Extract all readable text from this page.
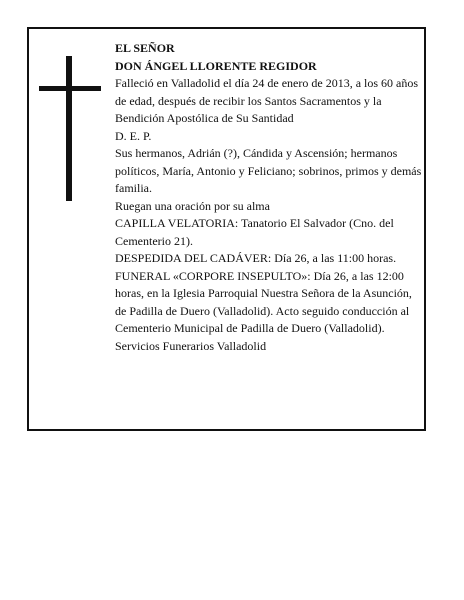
EL SEÑOR

DON ÁNGEL LLORENTE REGIDOR

Falleció en Valladolid el día 24 de enero de 2013, a los 60 años de edad, después de recibir los Santos Sacramentos y la Bendición Apostólica de Su Santidad

D. E. P.

Sus hermanos, Adrián (?), Cándida y Ascensión; hermanos políticos, María, Antonio y Feliciano; sobrinos, primos y demás familia.

Ruegan una oración por su alma

CAPILLA VELATORIA: Tanatorio El Salvador (Cno. del Cementerio 21).

DESPEDIDA DEL CADÁVER: Día 26, a las 11:00 horas.

FUNERAL «CORPORE INSEPULTO»: Día 26, a las 12:00 horas, en la Iglesia Parroquial Nuestra Señora de la Asunción, de Padilla de Duero (Valladolid). Acto seguido conducción al Cementerio Municipal de Padilla de Duero (Valladolid).

Servicios Funerarios Valladolid
